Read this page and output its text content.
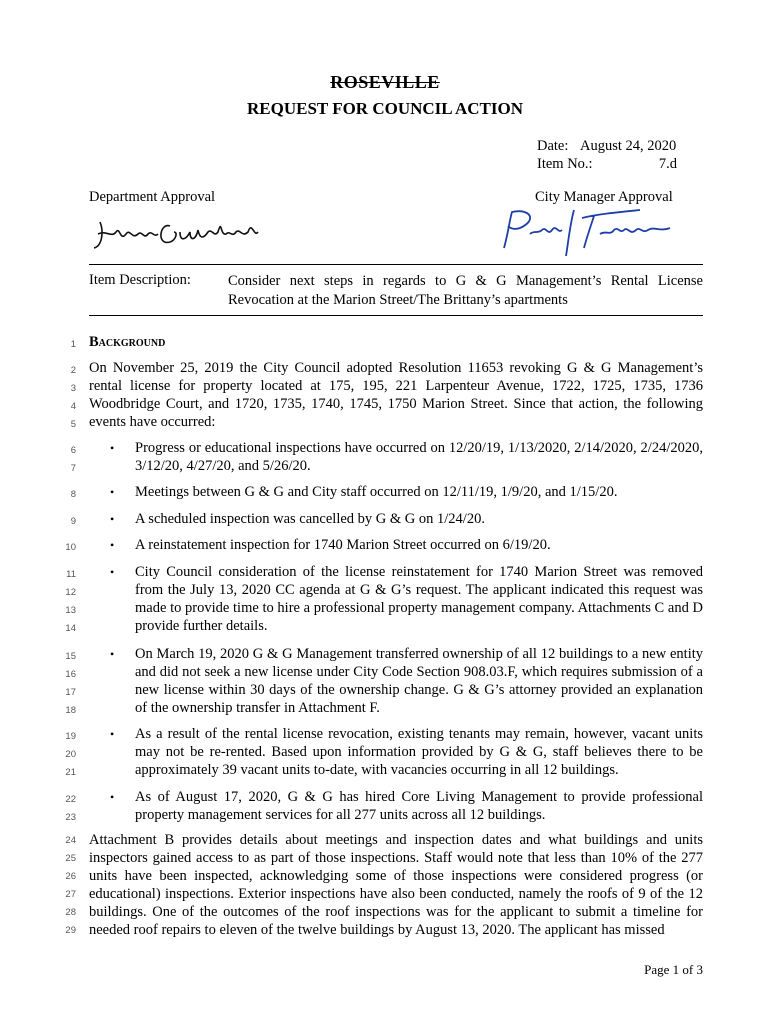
ROSEVILLE
REQUEST FOR COUNCIL ACTION
Date: August 24, 2020
Item No.:	7.d
Department Approval	City Manager Approval
Item Description:	Consider next steps in regards to G & G Management’s Rental License Revocation at the Marion Street/The Brittany’s apartments
1
2
3
4
5
6
7
8
9
10
11
12
13
14
15
16
17
18
19
20
21
22
23
24
25
26
27
28
29
Background
On November 25, 2019 the City Council adopted Resolution 11653 revoking G & G Management’s rental license for property located at 175, 195, 221 Larpenteur Avenue, 1722, 1725, 1735, 1736 Woodbridge Court, and 1720, 1735, 1740, 1745, 1750 Marion Street. Since that action, the following events have occurred:
• Progress or educational inspections have occurred on 12/20/19, 1/13/2020, 2/14/2020, 2/24/2020, 3/12/20, 4/27/20, and 5/26/20.
• Meetings between G & G and City staff occurred on 12/11/19, 1/9/20, and 1/15/20.
• A scheduled inspection was cancelled by G & G on 1/24/20.
• A reinstatement inspection for 1740 Marion Street occurred on 6/19/20.
• City Council consideration of the license reinstatement for 1740 Marion Street was removed from the July 13, 2020 CC agenda at G & G’s request. The applicant indicated this request was made to provide time to hire a professional property management company. Attachments C and D provide further details.
• On March 19, 2020 G & G Management transferred ownership of all 12 buildings to a new entity and did not seek a new license under City Code Section 908.03.F, which requires submission of a new license within 30 days of the ownership change. G & G’s attorney provided an explanation of the ownership transfer in Attachment F.
• As a result of the rental license revocation, existing tenants may remain, however, vacant units may not be re-rented. Based upon information provided by G & G, staff believes there to be approximately 39 vacant units to-date, with vacancies occurring in all 12 buildings.
• As of August 17, 2020, G & G has hired Core Living Management to provide professional property management services for all 277 units across all 12 buildings.
Attachment B provides details about meetings and inspection dates and what buildings and units inspectors gained access to as part of those inspections. Staff would note that less than 10% of the 277 units have been inspected, acknowledging some of those inspections were considered progress (or educational) inspections. Exterior inspections have also been conducted, namely the roofs of 9 of the 12 buildings. One of the outcomes of the roof inspections was for the applicant to submit a timeline for needed roof repairs to eleven of the twelve buildings by August 13, 2020. The applicant has missed
Page 1 of 3
